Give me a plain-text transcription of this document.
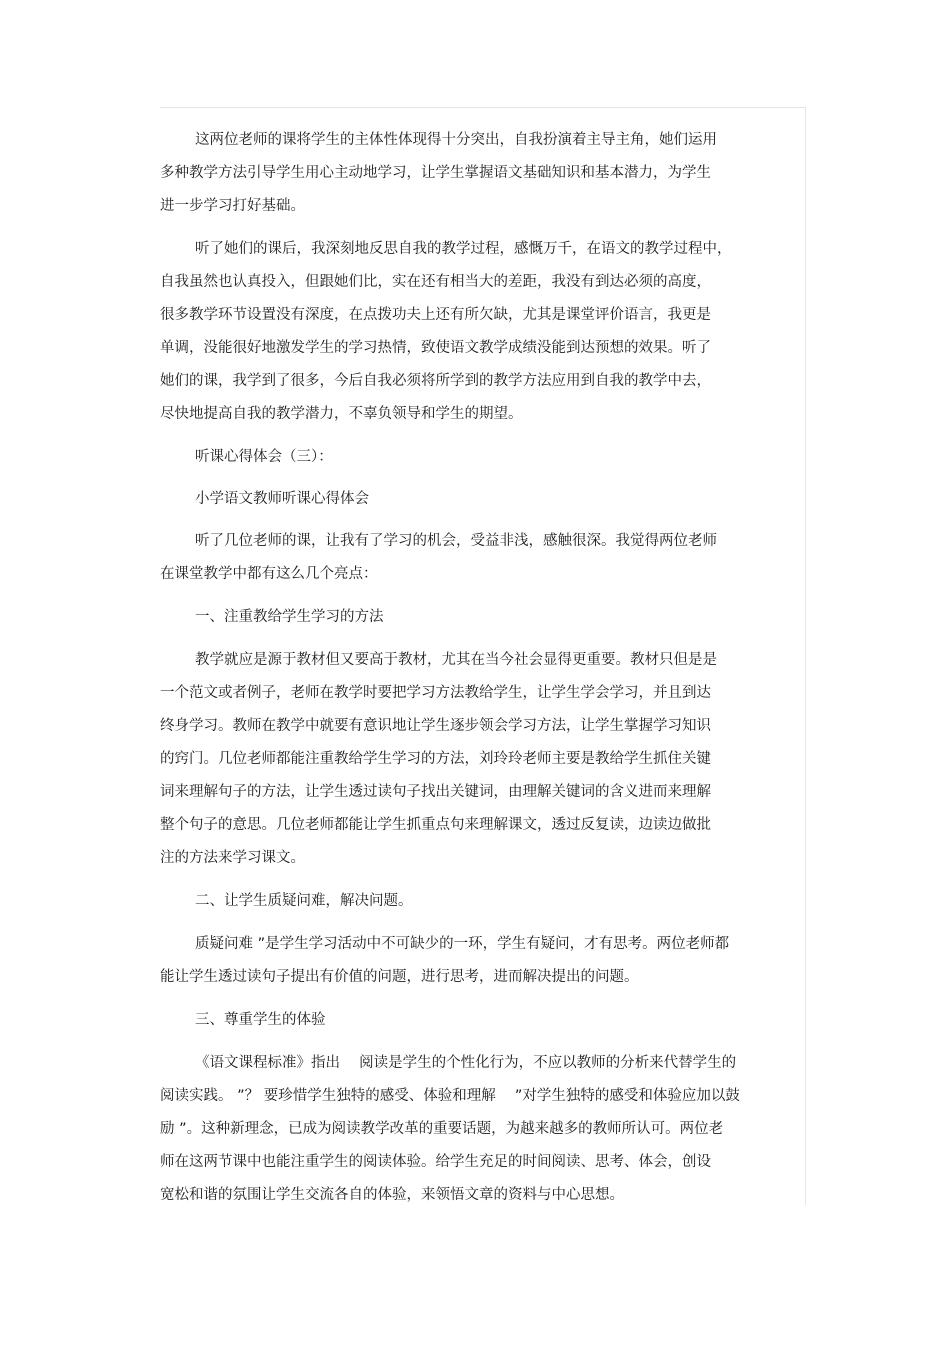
这两位老师的课将学生的主体性体现得十分突出，自我扮演着主导主角，她们运用
多种教学方法引导学生用心主动地学习，让学生掌握语文基础知识和基本潜力，为学生
进一步学习打好基础。
听了她们的课后，我深刻地反思自我的教学过程，感慨万千，在语文的教学过程中，
自我虽然也认真投入，但跟她们比，实在还有相当大的差距，我没有到达必须的高度，
很多教学环节设置没有深度，在点拨功夫上还有所欠缺，尤其是课堂评价语言，我更是
单调，没能很好地激发学生的学习热情，致使语文教学成绩没能到达预想的效果。听了
她们的课，我学到了很多，今后自我必须将所学到的教学方法应用到自我的教学中去，
尽快地提高自我的教学潜力，不辜负领导和学生的期望。
听课心得体会（三）：
小学语文教师听课心得体会
听了几位老师的课，让我有了学习的机会，受益非浅，感触很深。我觉得两位老师
在课堂教学中都有这么几个亮点：
一、注重教给学生学习的方法
教学就应是源于教材但又要高于教材，尤其在当今社会显得更重要。教材只但是是
一个范文或者例子，老师在教学时要把学习方法教给学生，让学生学会学习，并且到达
终身学习。教师在教学中就要有意识地让学生逐步领会学习方法，让学生掌握学习知识
的窍门。几位老师都能注重教给学生学习的方法，刘玲玲老师主要是教给学生抓住关键
词来理解句子的方法，让学生透过读句子找出关键词，由理解关键词的含义进而来理解
整个句子的意思。几位老师都能让学生抓重点句来理解课文，透过反复读，边读边做批
注的方法来学习课文。
二、让学生质疑问难，解决问题。
质疑问难 ”是学生学习活动中不可缺少的一环，学生有疑问，才有思考。两位老师都
能让学生透过读句子提出有价值的问题，进行思考，进而解决提出的问题。
三、尊重学生的体验
《语文课程标准》指出　 阅读是学生的个性化行为，不应以教师的分析来代替学生的
阅读实践。 ”？ 要珍惜学生独特的感受、体验和理解　 ”对学生独特的感受和体验应加以鼓
励 ”。这种新理念，已成为阅读教学改革的重要话题，为越来越多的教师所认可。两位老
师在这两节课中也能注重学生的阅读体验。给学生充足的时间阅读、思考、体会，创设
宽松和谐的氛围让学生交流各自的体验，来领悟文章的资料与中心思想。
